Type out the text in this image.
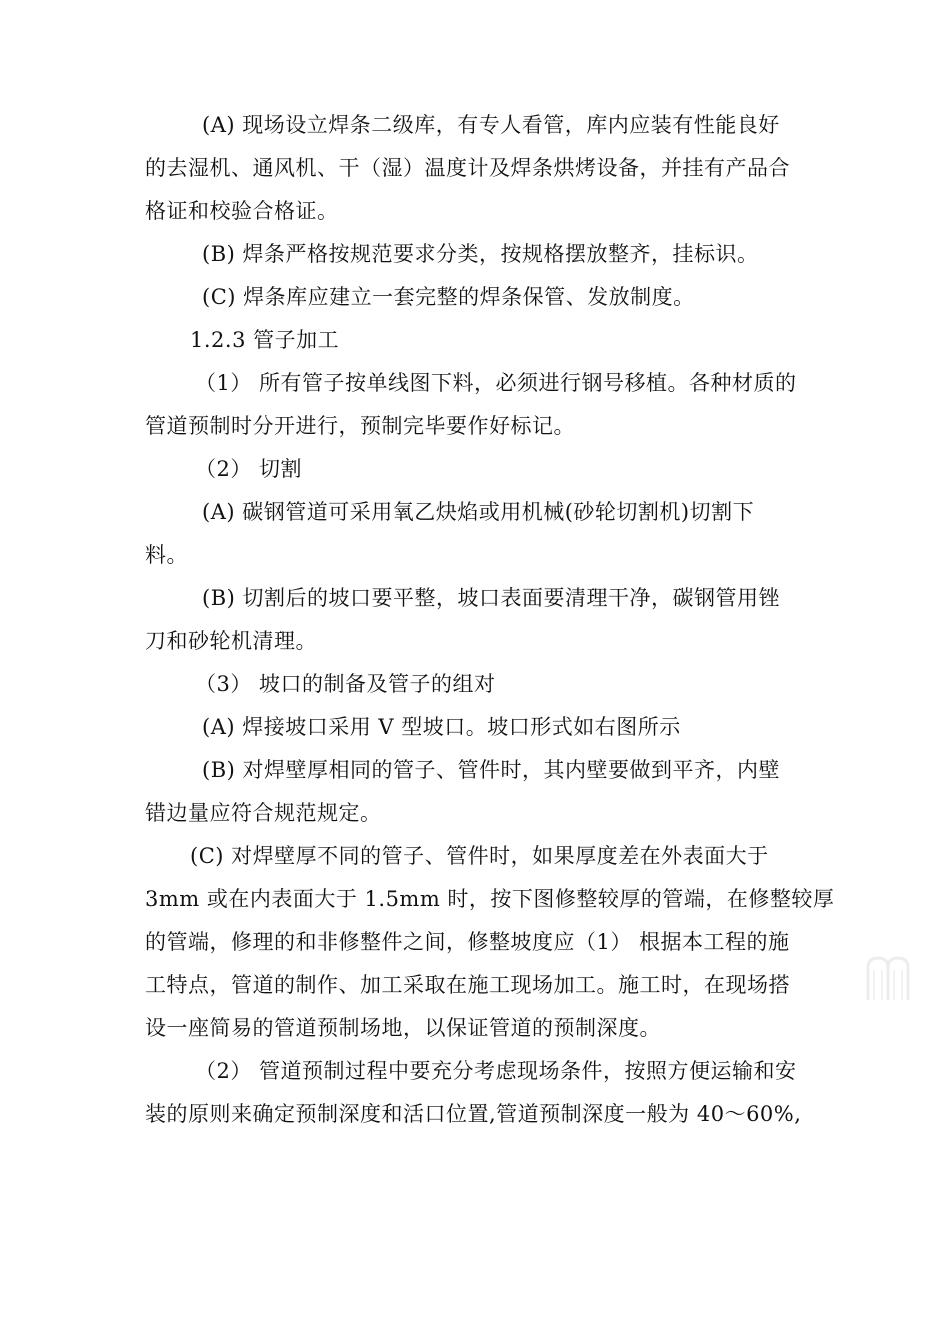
(A) 现场设立焊条二级库，有专人看管，库内应装有性能良好
的去湿机、通风机、干（湿）温度计及焊条烘烤设备，并挂有产品合
格证和校验合格证。
(B) 焊条严格按规范要求分类，按规格摆放整齐，挂标识。
(C) 焊条库应建立一套完整的焊条保管、发放制度。
1.2.3 管子加工
（1） 所有管子按单线图下料，必须进行钢号移植。各种材质的
管道预制时分开进行，预制完毕要作好标记。
（2） 切割
(A) 碳钢管道可采用氧乙炔焰或用机械(砂轮切割机)切割下
料。
(B) 切割后的坡口要平整，坡口表面要清理干净，碳钢管用锉
刀和砂轮机清理。
（3） 坡口的制备及管子的组对
(A) 焊接坡口采用 V 型坡口。坡口形式如右图所示
(B) 对焊壁厚相同的管子、管件时，其内壁要做到平齐，内壁
错边量应符合规范规定。
(C) 对焊壁厚不同的管子、管件时，如果厚度差在外表面大于
3mm 或在内表面大于 1.5mm 时，按下图修整较厚的管端，在修整较厚
的管端，修理的和非修整件之间，修整坡度应（1） 根据本工程的施
工特点，管道的制作、加工采取在施工现场加工。施工时，在现场搭
设一座简易的管道预制场地，以保证管道的预制深度。
（2） 管道预制过程中要充分考虑现场条件，按照方便运输和安
装的原则来确定预制深度和活口位置,管道预制深度一般为 40～60%,
